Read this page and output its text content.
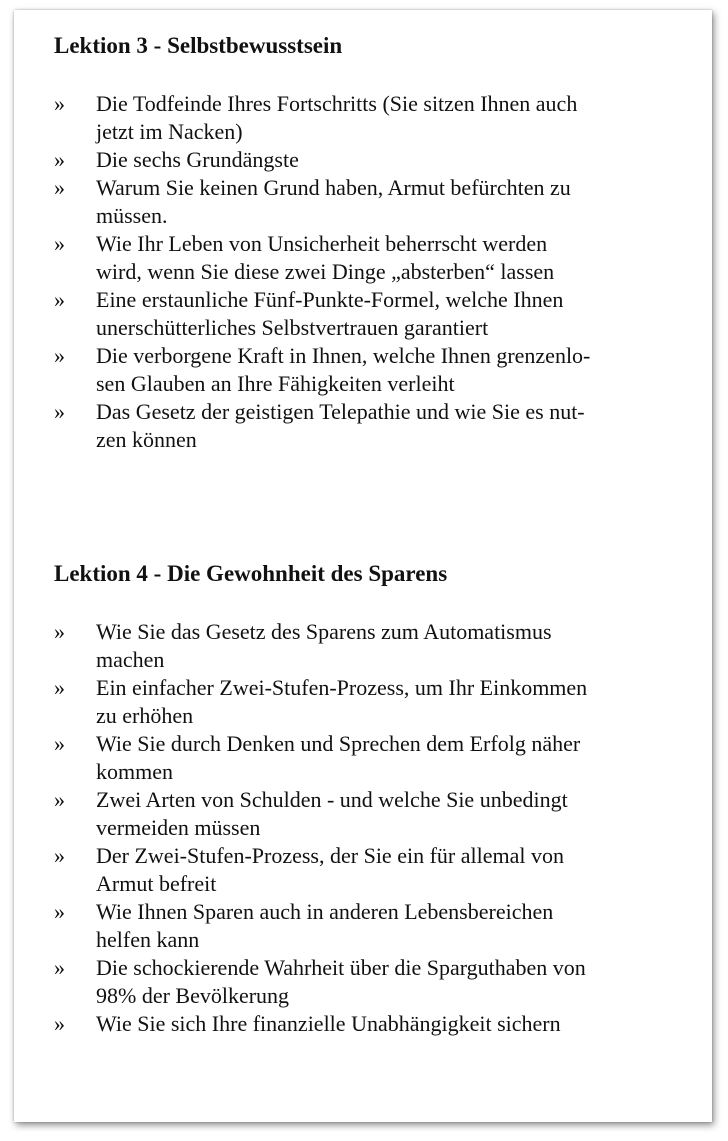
Lektion 3 - Selbstbewusstsein
»	Die Todfeinde Ihres Fortschritts (Sie sitzen Ihnen auch
jetzt im Nacken)
»	Die sechs Grundängste
»	Warum Sie keinen Grund haben, Armut befürchten zu
müssen.
»	Wie Ihr Leben von Unsicherheit beherrscht werden
wird, wenn Sie diese zwei Dinge „absterben“ lassen
»	Eine erstaunliche Fünf-Punkte-Formel, welche Ihnen
unerschütterliches Selbstvertrauen garantiert
»	Die verborgene Kraft in Ihnen, welche Ihnen grenzenlo-
sen Glauben an Ihre Fähigkeiten verleiht
»	Das Gesetz der geistigen Telepathie und wie Sie es nut-
zen können
Lektion 4 - Die Gewohnheit des Sparens
»	Wie Sie das Gesetz des Sparens zum Automatismus
machen
»	Ein einfacher Zwei-Stufen-Prozess, um Ihr Einkommen
zu erhöhen
»	Wie Sie durch Denken und Sprechen dem Erfolg näher
kommen
»	Zwei Arten von Schulden - und welche Sie unbedingt
vermeiden müssen
»	Der Zwei-Stufen-Prozess, der Sie ein für allemal von
Armut befreit
»	Wie Ihnen Sparen auch in anderen Lebensbereichen
helfen kann
»	Die schockierende Wahrheit über die Sparguthaben von
98% der Bevölkerung
»	Wie Sie sich Ihre finanzielle Unabhängigkeit sichern
